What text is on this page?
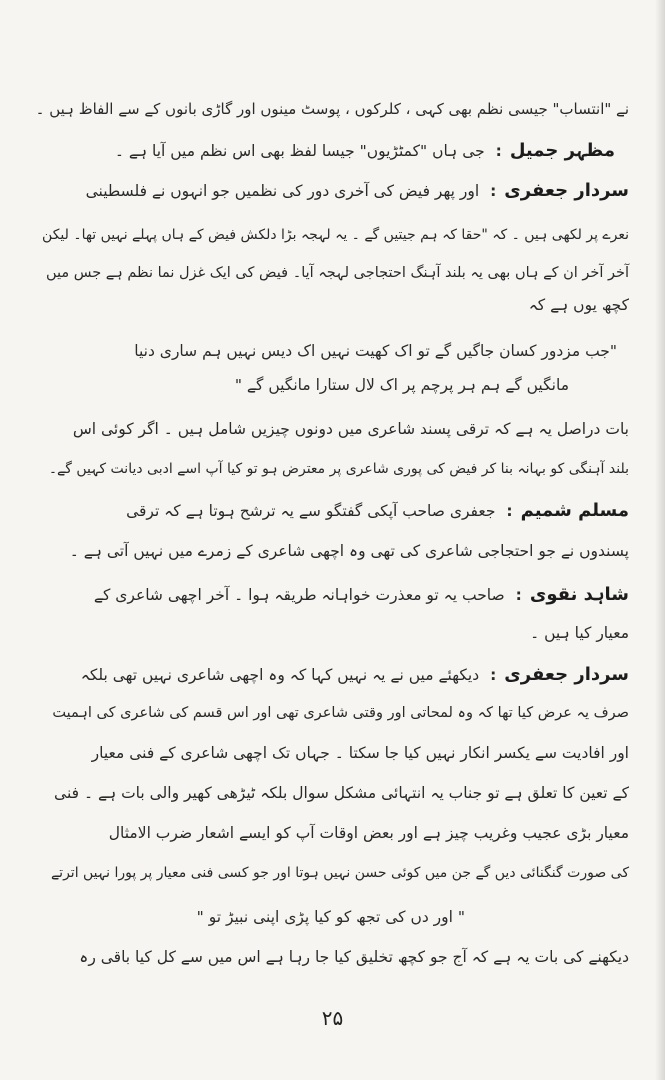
نے "انتساب" جیسی نظم بھی کہی ، کلرکوں ، پوسٹ مینوں اور گاڑی بانوں کے سے الفاظ ہیں ۔
مظہر جمیل: جی ہاں "کمٹڑیوں" جیسا لفظ بھی اس نظم میں آیا ہے ۔
سردار جعفری: اور پھر فیض کی آخری دور کی نظمیں جو انہوں نے فلسطینی
نعرے پر لکھی ہیں ۔ کہ "حقا کہ ہم جیتیں گے ۔ یہ لہجہ بڑا دلکش فیض کے ہاں پہلے نہیں تھا۔ لیکن
آخر آخر ان کے ہاں بھی یہ بلند آہنگ احتجاجی لہجہ آیا۔ فیض کی ایک غزل نما نظم ہے جس میں
کچھ یوں ہے کہ
"جب مزدور کسان جاگیں گے تو اک کھیت نہیں اک دیس نہیں ہم ساری دنیا
مانگیں گے ہم ہر پرچم پر اک لال ستارا مانگیں گے "
بات دراصل یہ ہے کہ ترقی پسند شاعری میں دونوں چیزیں شامل ہیں ۔ اگر کوئی اس
بلند آہنگی کو بہانہ بنا کر فیض کی پوری شاعری پر معترض ہو تو کیا آپ اسے ادبی دیانت کہیں گے۔
مسلم شمیم: جعفری صاحب آپکی گفتگو سے یہ ترشح ہوتا ہے کہ ترقی
پسندوں نے جو احتجاجی شاعری کی تھی وہ اچھی شاعری کے زمرے میں نہیں آتی ہے ۔
شاہد نقوی: صاحب یہ تو معذرت خواہانہ طریقہ ہوا ۔ آخر اچھی شاعری کے
معیار کیا ہیں ۔
سردار جعفری: دیکھئے میں نے یہ نہیں کہا کہ وہ اچھی شاعری نہیں تھی بلکہ
صرف یہ عرض کیا تھا کہ وہ لمحاتی اور وقتی شاعری تھی اور اس قسم کی شاعری کی اہمیت
اور افادیت سے یکسر انکار نہیں کیا جا سکتا ۔ جہاں تک اچھی شاعری کے فنی معیار
کے تعین کا تعلق ہے تو جناب یہ انتہائی مشکل سوال بلکہ ٹیڑھی کھیر والی بات ہے ۔ فنی
معیار بڑی عجیب وغریب چیز ہے اور بعض اوقات آپ کو ایسے اشعار ضرب الامثال
کی صورت گنگنائی دیں گے جن میں کوئی حسن نہیں ہوتا اور جو کسی فنی معیار پر پورا نہیں اترتے
" اور دں کی تجھ کو کیا پڑی اپنی نبیڑ تو "
دیکھنے کی بات یہ ہے کہ آج جو کچھ تخلیق کیا جا رہا ہے اس میں سے کل کیا باقی رہ
۲۵
